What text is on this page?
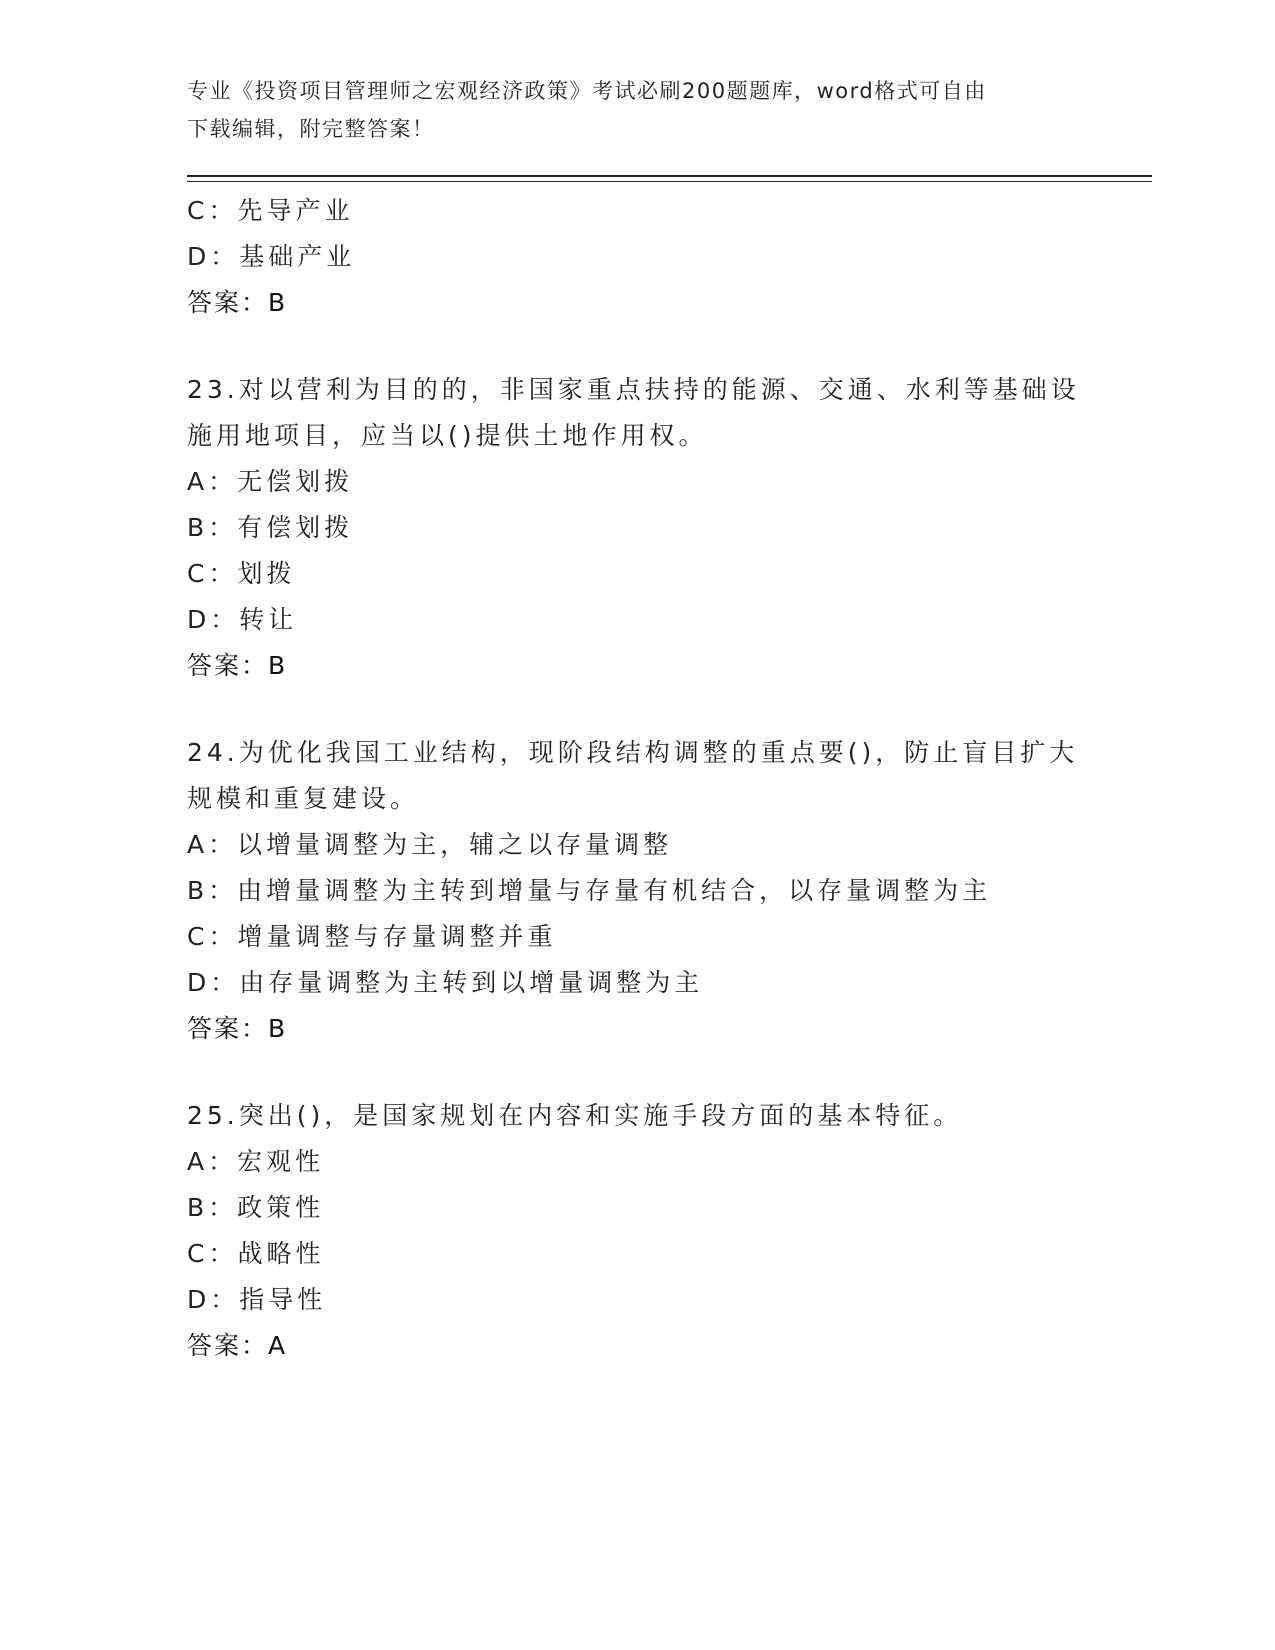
专业《投资项目管理师之宏观经济政策》考试必刷200题题库，word格式可自由
下载编辑，附完整答案！
C：先导产业
D：基础产业
答案：B
23.对以营利为目的的，非国家重点扶持的能源、交通、水利等基础设
施用地项目，应当以()提供土地作用权。
A：无偿划拨
B：有偿划拨
C：划拨
D：转让
答案：B
24.为优化我国工业结构，现阶段结构调整的重点要()，防止盲目扩大
规模和重复建设。
A：以增量调整为主，辅之以存量调整
B：由增量调整为主转到增量与存量有机结合，以存量调整为主
C：增量调整与存量调整并重
D：由存量调整为主转到以增量调整为主
答案：B
25.突出()，是国家规划在内容和实施手段方面的基本特征。
A：宏观性
B：政策性
C：战略性
D：指导性
答案：A
